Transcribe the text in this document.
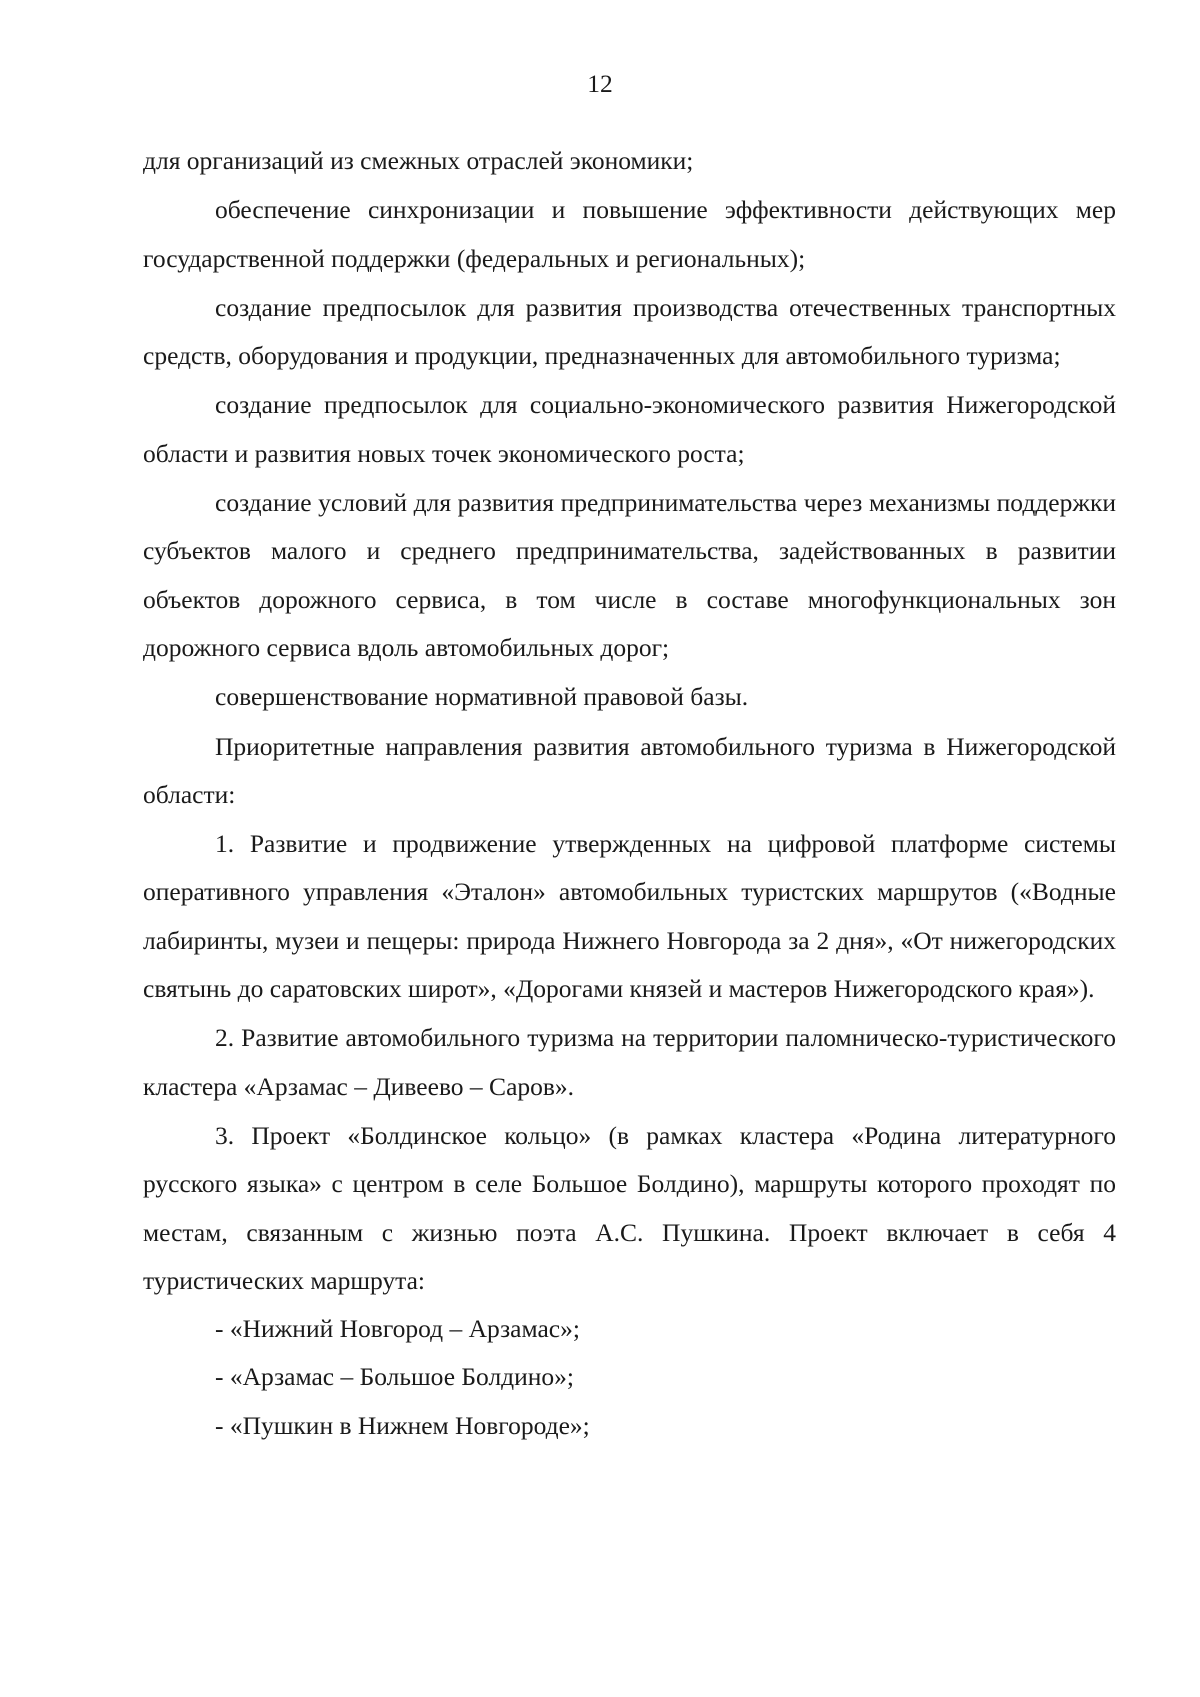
12

для организаций из смежных отраслей экономики;

обеспечение синхронизации и повышение эффективности действующих мер государственной поддержки (федеральных и региональных);

создание предпосылок для развития производства отечественных транспортных средств, оборудования и продукции, предназначенных для автомобильного туризма;

создание предпосылок для социально-экономического развития Нижегородской области и развития новых точек экономического роста;

создание условий для развития предпринимательства через механизмы поддержки субъектов малого и среднего предпринимательства, задействованных в развитии объектов дорожного сервиса, в том числе в составе многофункциональных зон дорожного сервиса вдоль автомобильных дорог;

совершенствование нормативной правовой базы.

Приоритетные направления развития автомобильного туризма в Нижегородской области:

1. Развитие и продвижение утвержденных на цифровой платформе системы оперативного управления «Эталон» автомобильных туристских маршрутов («Водные лабиринты, музеи и пещеры: природа Нижнего Новгорода за 2 дня», «От нижегородских святынь до саратовских широт», «Дорогами князей и мастеров Нижегородского края»).

2. Развитие автомобильного туризма на территории паломническо-туристического кластера «Арзамас – Дивеево – Саров».

3. Проект «Болдинское кольцо» (в рамках кластера «Родина литературного русского языка» с центром в селе Большое Болдино), маршруты которого проходят по местам, связанным с жизнью поэта А.С. Пушкина. Проект включает в себя 4 туристических маршрута:

- «Нижний Новгород – Арзамас»;

- «Арзамас – Большое Болдино»;

- «Пушкин в Нижнем Новгороде»;
